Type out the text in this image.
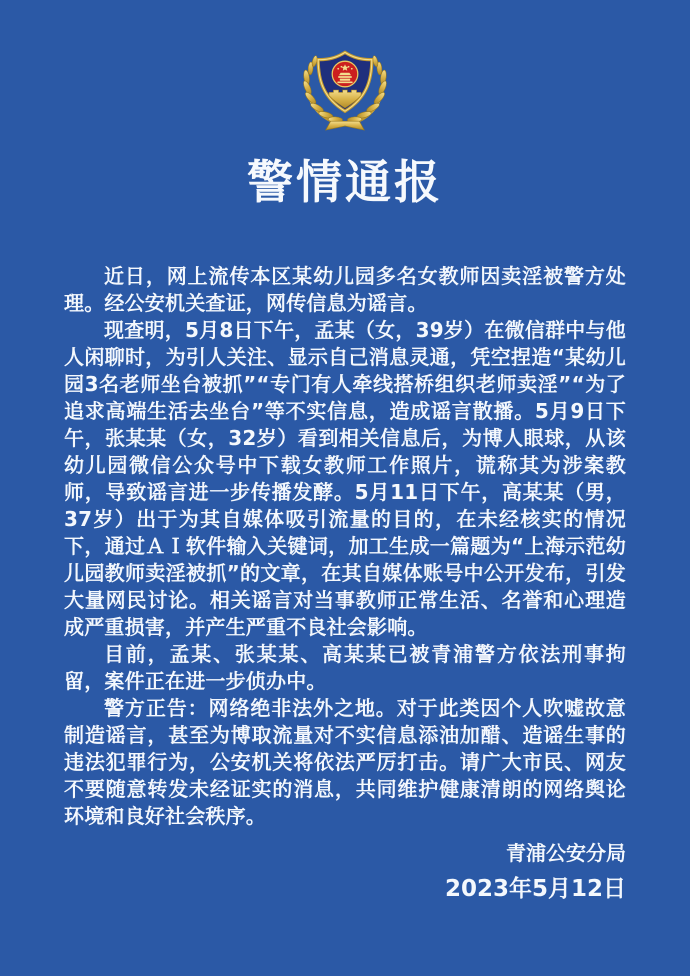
警情通报

近日，网上流传本区某幼儿园多名女教师因卖淫被警方处理。经公安机关查证，网传信息为谣言。

现查明，5月8日下午，孟某（女，39岁）在微信群中与他人闲聊时，为引人关注、显示自己消息灵通，凭空捏造“某幼儿园3名老师坐台被抓”“专门有人牵线搭桥组织老师卖淫”“为了追求高端生活去坐台”等不实信息，造成谣言散播。5月9日下午，张某某（女，32岁）看到相关信息后，为博人眼球，从该幼儿园微信公众号中下载女教师工作照片，谎称其为涉案教师，导致谣言进一步传播发酵。5月11日下午，高某某（男，37岁）出于为其自媒体吸引流量的目的，在未经核实的情况下，通过ＡＩ软件输入关键词，加工生成一篇题为“上海示范幼儿园教师卖淫被抓”的文章，在其自媒体账号中公开发布，引发大量网民讨论。相关谣言对当事教师正常生活、名誉和心理造成严重损害，并产生严重不良社会影响。

目前，孟某、张某某、高某某已被青浦警方依法刑事拘留，案件正在进一步侦办中。

警方正告：网络绝非法外之地。对于此类因个人吹嘘故意制造谣言，甚至为博取流量对不实信息添油加醋、造谣生事的违法犯罪行为，公安机关将依法严厉打击。请广大市民、网友不要随意转发未经证实的消息，共同维护健康清朗的网络舆论环境和良好社会秩序。

青浦公安分局
2023年5月12日
